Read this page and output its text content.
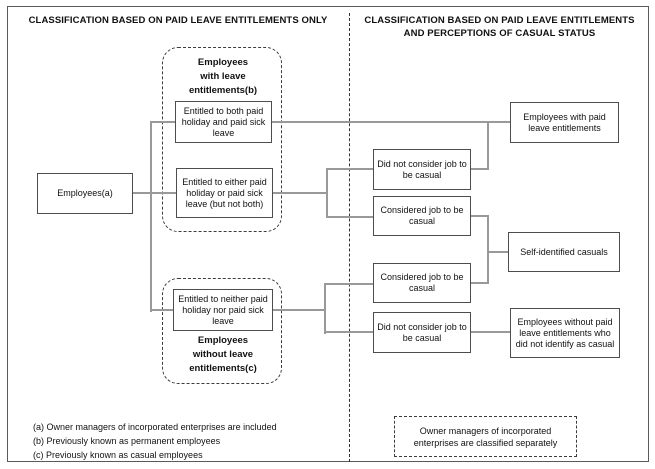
CLASSIFICATION BASED ON PAID LEAVE ENTITLEMENTS ONLY	CLASSIFICATION BASED ON PAID LEAVE ENTITLEMENTS
AND PERCEPTIONS OF CASUAL STATUS
Employees
with leave
entitlements(b)
Employees
without leave
entitlements(c)
Employees(a)
Entitled to both paid holiday and paid sick leave
Entitled to either paid holiday or paid sick leave (but not both)
Entitled to neither paid holiday nor paid sick leave
Did not consider job to be casual
Considered job to be casual
Considered job to be casual
Did not consider job to be casual
Employees with paid leave entitlements
Self-identified casuals
Employees without paid leave entitlements who did not identify as casual
Owner managers of incorporated enterprises are classified separately
(a) Owner managers of incorporated enterprises are included
(b) Previously known as permanent employees
(c) Previously known as casual employees
